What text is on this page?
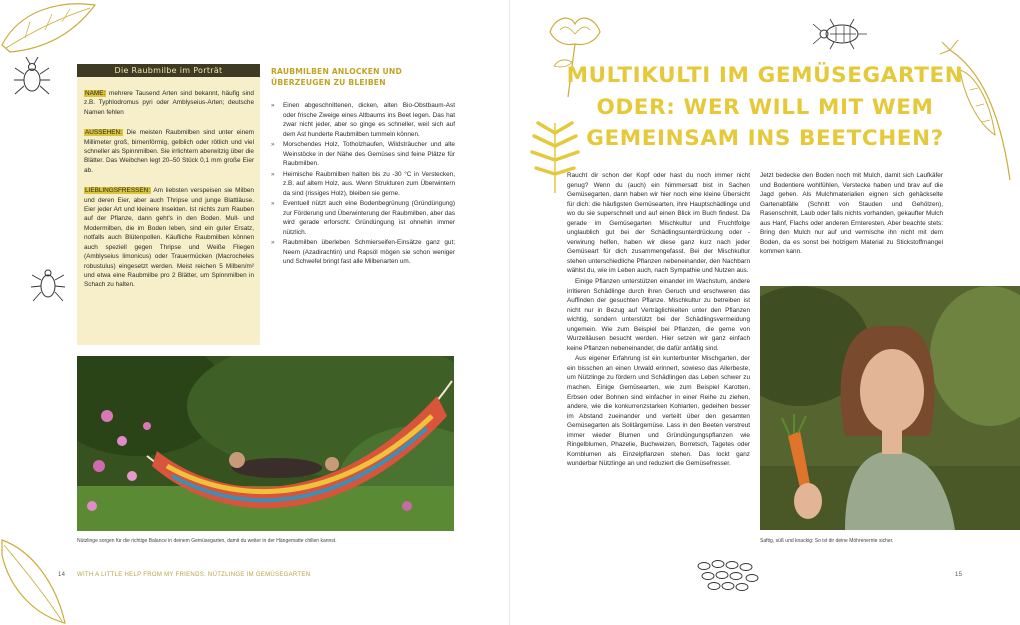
Die Raubmilbe im Porträt

NAME: mehrere Tausend Arten sind bekannt, häufig sind z.B. Typhlodromus pyri oder Amblyseius-Arten; deutsche Namen fehlen

AUSSEHEN: Die meisten Raubmilben sind unter einem Millimeter groß, birnenförmig, gelblich oder rötlich und viel schneller als Spinnmilben. Sie irrlichtern aberwitzig über die Blätter. Das Weibchen legt 20–50 Stück 0,1 mm große Eier ab.

LIEBLINGSFRESSEN: Am liebsten verspeisen sie Milben und deren Eier, aber auch Thripse und junge Blattläuse. Eier jeder Art und kleinere Insekten. Ist nichts zum Rauben auf der Pflanze, dann geht's in den Boden. Mull- und Modermilben, die im Boden leben, sind ein guter Ersatz, notfalls auch Blütenpollen. Käufliche Raubmilben können auch speziell gegen Thripse und Weiße Fliegen (Amblyseius limonicus) oder Trauermücken (Macrocheles robustulus) eingesetzt werden. Meist reichen 5 Milben/m² und etwa eine Raubmilbe pro 2 Blätter, um Spinnmilben in Schach zu halten.

RAUBMILBEN ANLOCKEN UND ÜBERZEUGEN ZU BLEIBEN
» Einen abgeschnittenen, dicken, alten Bio-Obstbaum-Ast oder frische Zweige eines Altbaums ins Beet legen. Das hat zwar nicht jeder, aber so ginge es schneller, weil sich auf dem Ast hunderte Raubmilben tummeln können.
» Morschendes Holz, Totholzhaufen, Wildsträucher und alte Weinstöcke in der Nähe des Gemüses sind feine Plätze für Raubmilben.
» Heimische Raubmilben halten bis zu -30 °C in Verstecken, z.B. auf altem Holz, aus. Wenn Strukturen zum Überwintern da sind (rissiges Holz), bleiben sie gerne.
» Eventuell nützt auch eine Bodenbegrünung (Gründüngung) zur Förderung und Überwinterung der Raubmilben, aber das wird gerade erforscht. Gründüngung ist ohnehin immer nützlich.
» Raubmilben überleben Schmierseifen-Einsätze ganz gut; Neem (Azadirachtin) und Rapsöl mögen sie schon weniger und Schwefel bringt fast alle Milbenarten um.
Nützlinge sorgen für die richtige Balance in deinem Gemüsegarten, damit du weiter in der Hängematte chillen kannst.
14 WITH A LITTLE HELP FROM MY FRIENDS: NÜTZLINGE IM GEMÜSEGARTEN
MULTIKULTI IM GEMÜSEGARTEN
ODER: WER WILL MIT WEM
GEMEINSAM INS BEETCHEN?

Raucht dir schon der Kopf oder hast du noch immer nicht genug? Wenn du (auch) ein Nimmersatt bist in Sachen Gemüsegarten, dann haben wir hier noch eine kleine Übersicht für dich: die häufigsten Gemüsearten, ihre Hauptschädlinge und wo du sie superschnell und auf einen Blick im Buch findest. Da gerade im Gemüsegarten Mischkultur und Fruchtfolge unglaublich gut bei der Schädlingsunterdrückung oder -verwirung helfen, haben wir diese ganz kurz nach jeder Gemüseart für dich zusammengefasst. Bei der Mischkultur stehen unterschiedliche Pflanzen nebeneinander, den Nachbarn wählst du, wie im Leben auch, nach Sympathie und Nutzen aus.

Einige Pflanzen unterstützen einander im Wachstum, andere irritieren Schädlinge durch ihren Geruch und erschweren das Auffinden der gesuchten Pflanze. Mischkultur zu betreiben ist nicht nur in Bezug auf Verträglichkeiten unter den Pflanzen wichtig, sondern unterstützt bei der Schädlingsvermeidung ungemein. Wie zum Beispiel bei Pflanzen, die gerne von Wurzelläusen besucht werden. Hier setzen wir ganz einfach keine Pflanzen nebeneinander, die dafür anfällig sind.

Aus eigener Erfahrung ist ein kunterbunter Mischgarten, der ein bisschen an einen Urwald erinnert, sowieso das Allerbeste, um Nützlinge zu fördern und Schädlingen das Leben schwer zu machen. Einige Gemüsearten, wie zum Beispiel Karotten, Erbsen oder Bohnen sind einfacher in einer Reihe zu ziehen, andere, wie die konkurrenzstarken Kohlarten, gedeihen besser im Abstand zueinander und verteilt über den gesamten Gemüsegarten als Solitärgemüse. Lass in den Beeten verstreut immer wieder Blumen und Gründüngungspflanzen wie Ringelblumen, Phazelie, Buchweizen, Borretsch, Tagetes oder Kornblumen als Einzelpflanzen stehen. Das lockt ganz wunderbar Nützlinge an und reduziert die Gemüsefresser.

Jetzt bedecke den Boden noch mit Mulch, damit sich Laufkäfer und Bodentiere wohlfühlen, Verstecke haben und brav auf die Jagd gehen. Als Mulchmaterialien eignen sich gehäckselte Gartenabfälle (Schnitt von Stauden und Gehölzen), Rasenschnitt, Laub oder falls nichts vorhanden, gekaufter Mulch aus Hanf, Flachs oder anderen Ernteresten. Aber beachte stets: Bring den Mulch nur auf und vermische ihn nicht mit dem Boden, da es sonst bei holzigem Material zu Stickstoffmangel kommen kann.

Saftig, süß und knackig: So ist dir deine Möhrenernte sicher.
15
